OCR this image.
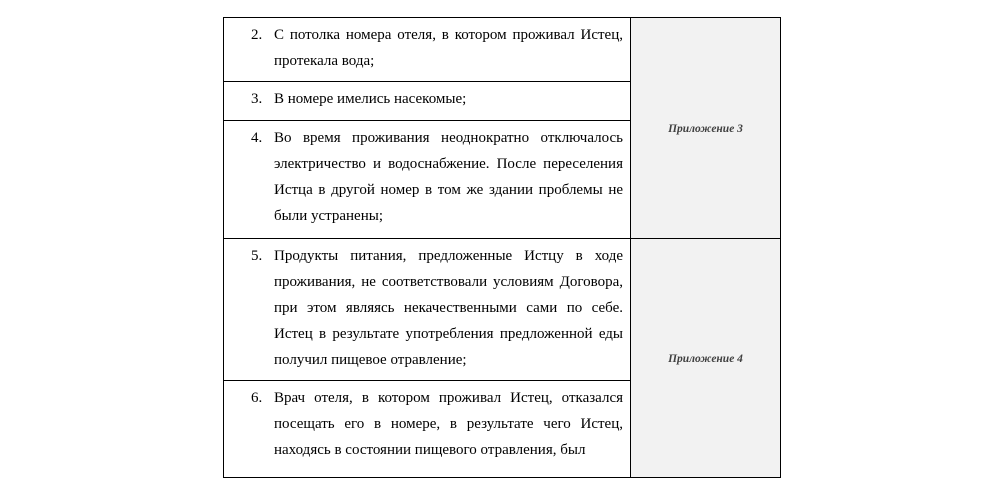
2. С потолка номера отеля, в котором проживал Истец, протекала вода;	Приложение 3

3. В номере имелись насекомые;	

4. Во время проживания неоднократно отключалось электричество и водоснабжение. После переселения Истца в другой номер в том же здании проблемы не были устранены;	

5. Продукты питания, предложенные Истцу в ходе проживания, не соответствовали условиям Договора, при этом являясь некачественными сами по себе. Истец в результате употребления предложенной еды получил пищевое отравление;	Приложение 4

6. Врач отеля, в котором проживал Истец, отказался посещать его в номере, в результате чего Истец, находясь в состоянии пищевого отравления, был	
